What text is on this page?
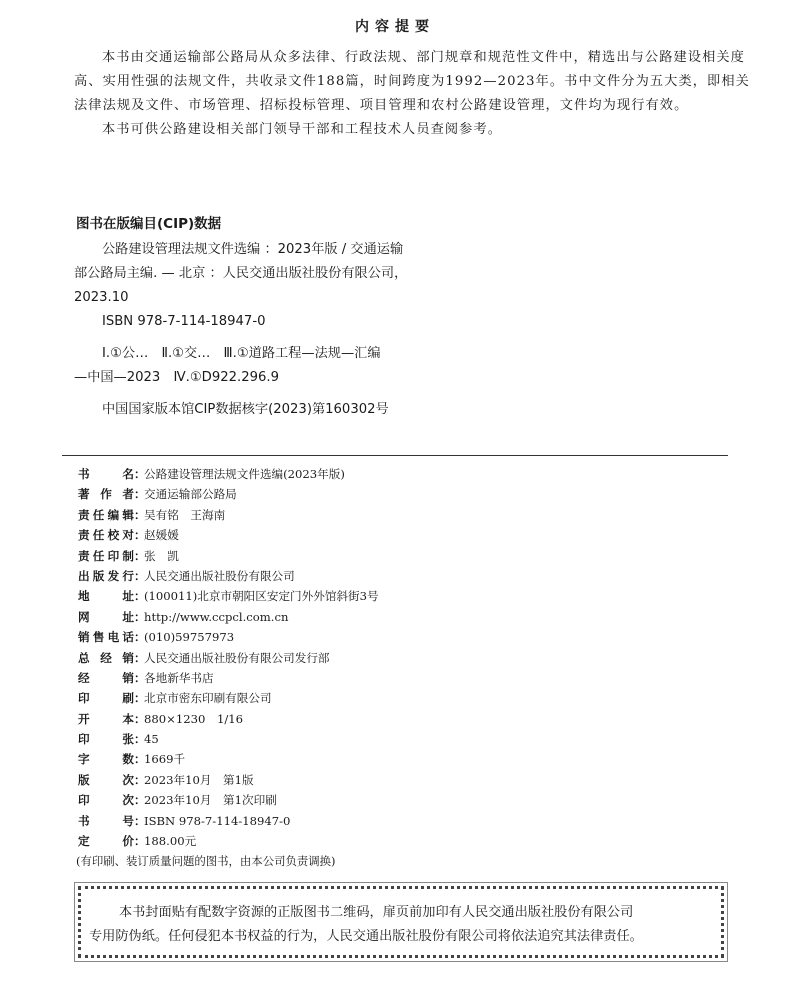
内容提要

本书由交通运输部公路局从众多法律、行政法规、部门规章和规范性文件中，精选出与公路建设相关度高、实用性强的法规文件，共收录文件188篇，时间跨度为1992—2023年。书中文件分为五大类，即相关法律法规及文件、市场管理、招标投标管理、项目管理和农村公路建设管理，文件均为现行有效。

本书可供公路建设相关部门领导干部和工程技术人员查阅参考。

图书在版编目(CIP)数据
公路建设管理法规文件选编 ：2023年版 / 交通运输
部公路局主编. — 北京 ：人民交通出版社股份有限公司，
2023.10
ISBN 978-7-114-18947-0
Ⅰ.①公…　Ⅱ.①交…　Ⅲ.①道路工程—法规—汇编
—中国—2023　Ⅳ.①D922.296.9
中国国家版本馆CIP数据核字(2023)第160302号
书　名 ：
公路建设管理法规文件选编(2023年版)
著作者 ：
交通运输部公路局
责任编辑 ：
吴有铭　王海南
责任校对 ：
赵媛媛
责任印制 ：
张　凯
出版发行 ：
人民交通出版社股份有限公司
地　址 ：
(100011)北京市朝阳区安定门外外馆斜街3号
网　址 ：
http://www.ccpcl.com.cn
销售电话 ：
(010)59757973
总经销 ：
人民交通出版社股份有限公司发行部
经　销 ：
各地新华书店
印　刷 ：
北京市密东印刷有限公司
开　本 ：
880×1230　1/16
印　张 ：
45
字　数 ：
1669千
版　次 ：
2023年10月　第1版
印　次 ：
2023年10月　第1次印刷
书　号 ：
ISBN 978-7-114-18947-0
定　价 ：
188.00元
(有印刷、装订质量问题的图书，由本公司负责调换)
本书封面贴有配数字资源的正版图书二维码，扉页前加印有人民交通出版社股份有限公司
专用防伪纸。任何侵犯本书权益的行为，人民交通出版社股份有限公司将依法追究其法律责任。
